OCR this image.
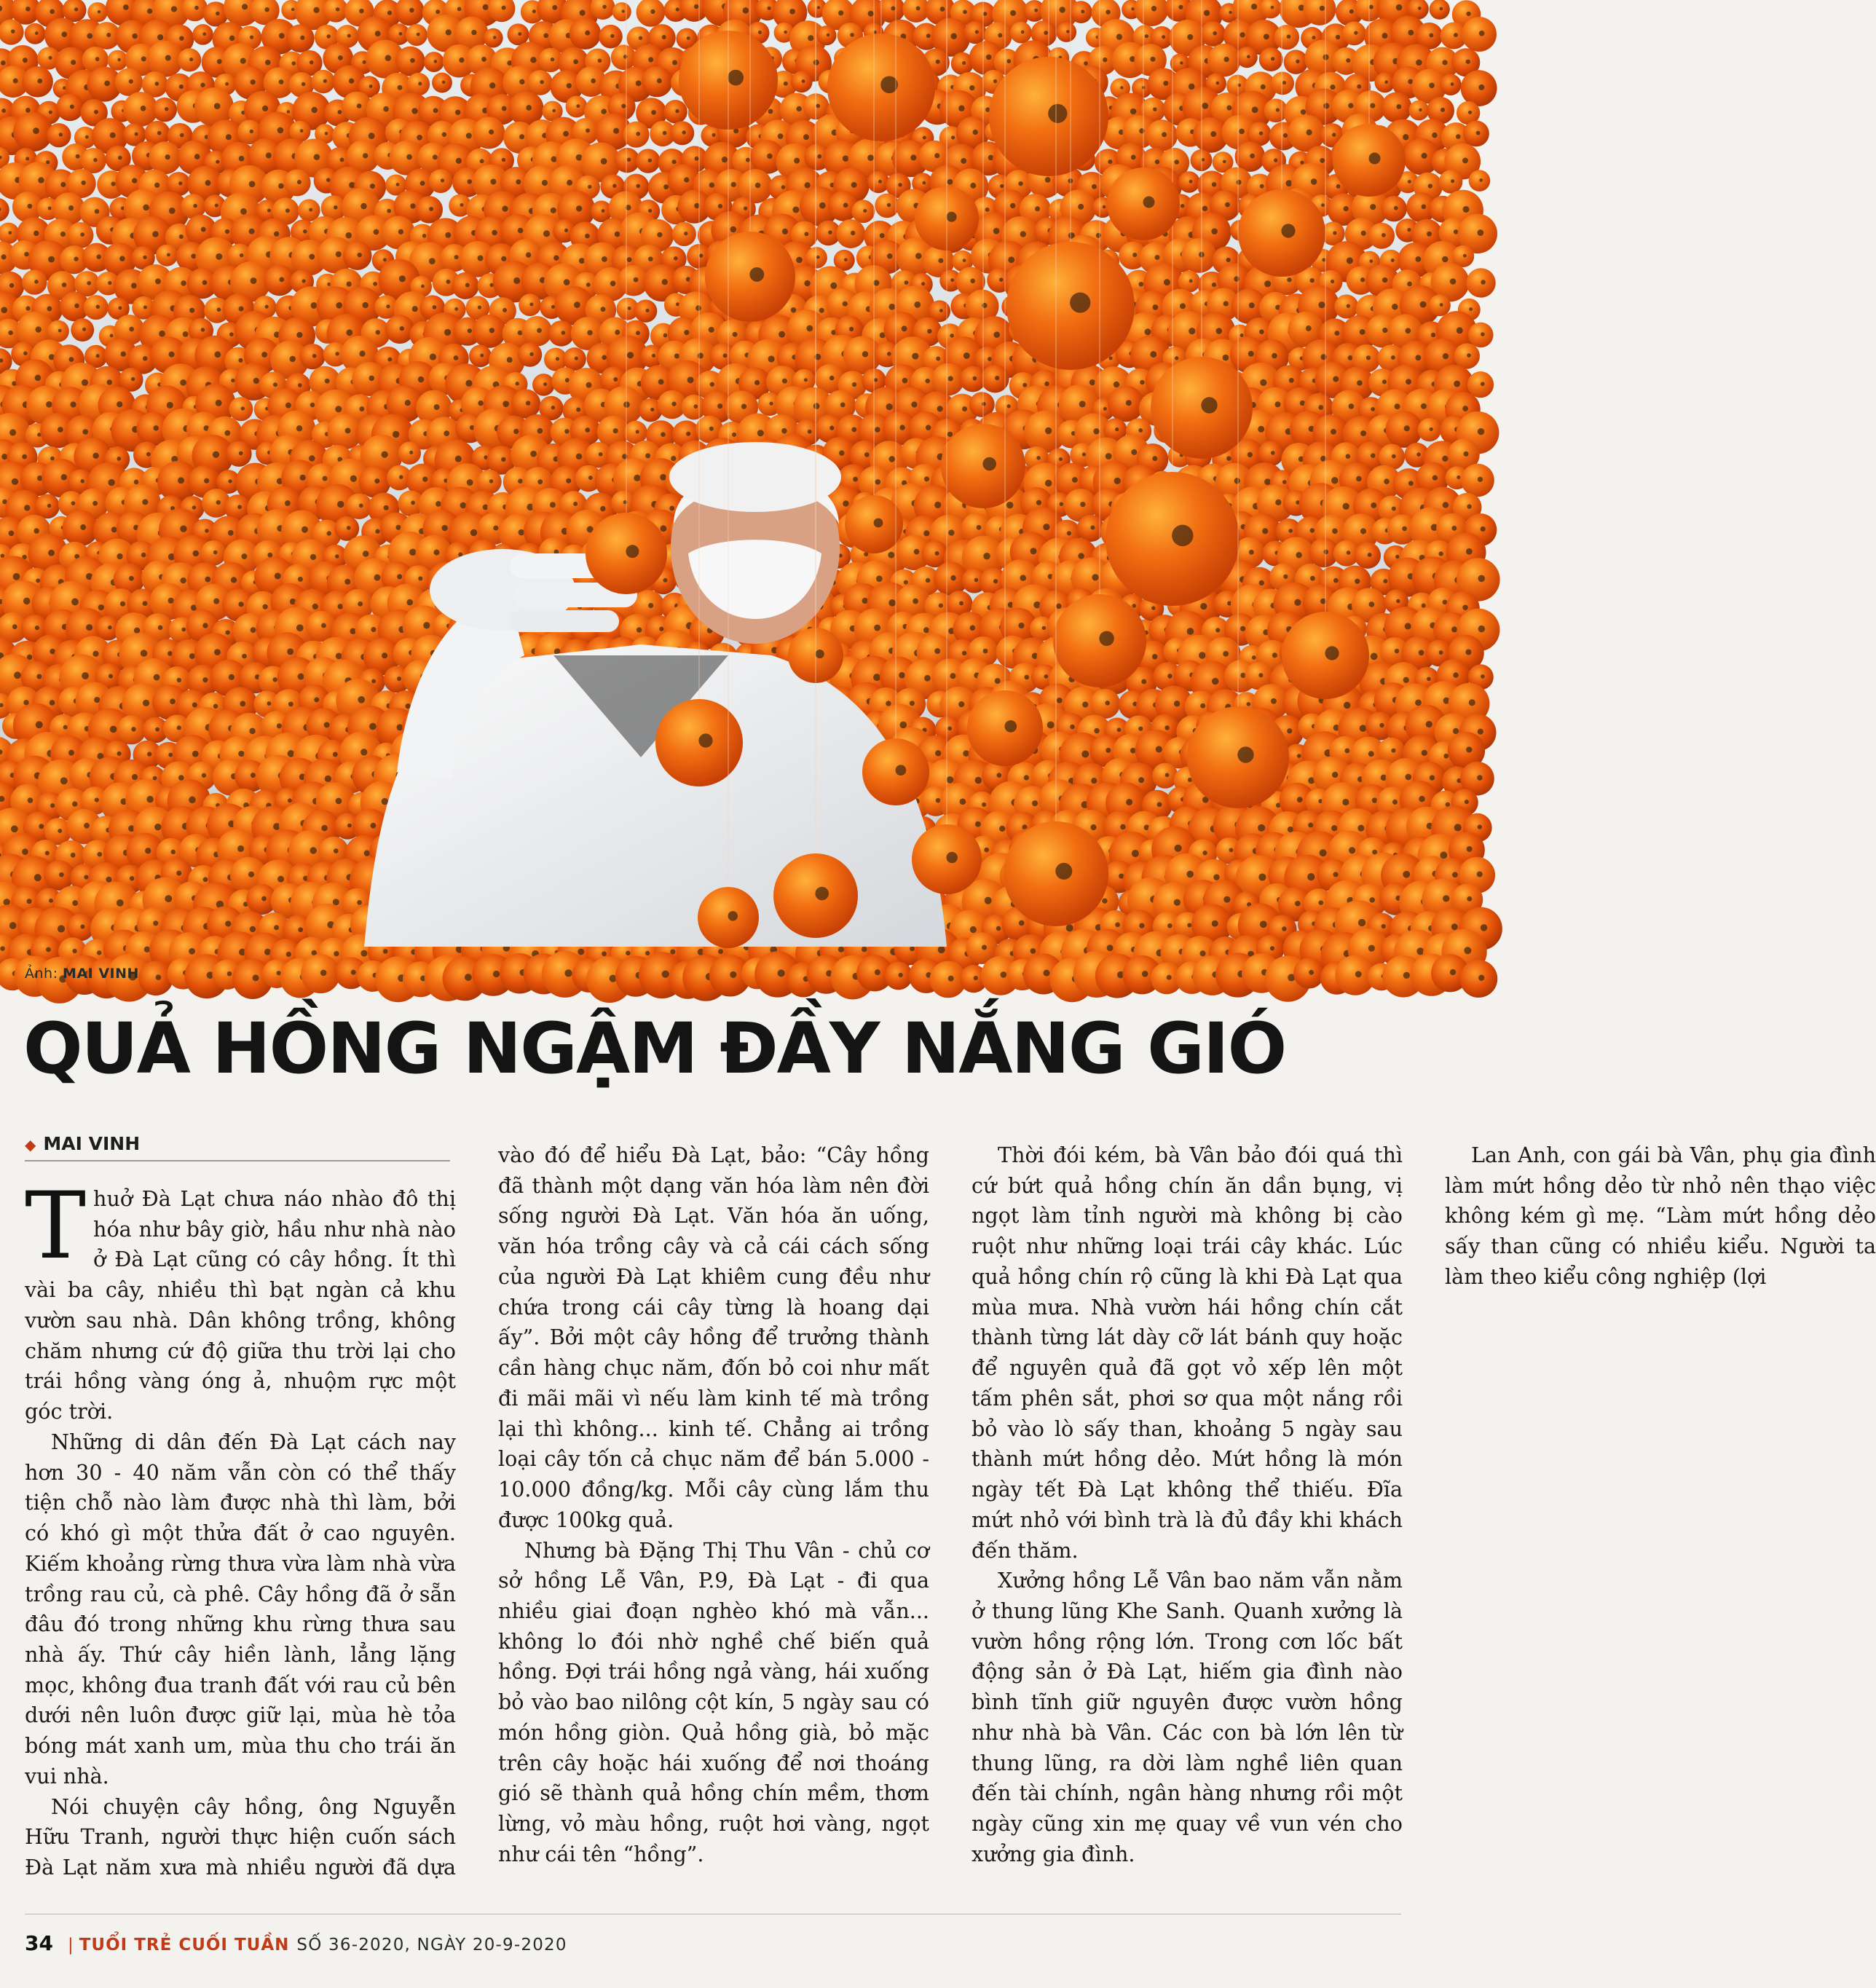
Ảnh: MAI VINH
QUẢ HỒNG NGẬM ĐẦY NẮNG GIÓ
◆ MAI VINH

Thuở Đà Lạt chưa náo nhào đô thị hóa như bây giờ, hầu như nhà nào ở Đà Lạt cũng có cây hồng. Ít thì vài ba cây, nhiều thì bạt ngàn cả khu vườn sau nhà. Dân không trồng, không chăm nhưng cứ độ giữa thu trời lại cho trái hồng vàng óng ả, nhuộm rực một góc trời.

Những di dân đến Đà Lạt cách nay hơn 30 - 40 năm vẫn còn có thể thấy tiện chỗ nào làm được nhà thì làm, bởi có khó gì một thửa đất ở cao nguyên. Kiếm khoảng rừng thưa vừa làm nhà vừa trồng rau củ, cà phê. Cây hồng đã ở sẵn đâu đó trong những khu rừng thưa sau nhà ấy. Thứ cây hiền lành, lẳng lặng mọc, không đua tranh đất với rau củ bên dưới nên luôn được giữ lại, mùa hè tỏa bóng mát xanh um, mùa thu cho trái ăn vui nhà.

Nói chuyện cây hồng, ông Nguyễn Hữu Tranh, người thực hiện cuốn sách Đà Lạt năm xưa mà nhiều người đã dựa vào đó để hiểu Đà Lạt, bảo: “Cây hồng đã thành một dạng văn hóa làm nên đời sống người Đà Lạt. Văn hóa ăn uống, văn hóa trồng cây và cả cái cách sống của người Đà Lạt khiêm cung đều như chứa trong cái cây từng là hoang dại ấy”. Bởi một cây hồng để trưởng thành cần hàng chục năm, đốn bỏ coi như mất đi mãi mãi vì nếu làm kinh tế mà trồng lại thì không... kinh tế. Chẳng ai trồng loại cây tốn cả chục năm để bán 5.000 - 10.000 đồng/kg. Mỗi cây cùng lắm thu được 100kg quả.

Nhưng bà Đặng Thị Thu Vân - chủ cơ sở hồng Lễ Vân, P.9, Đà Lạt - đi qua nhiều giai đoạn nghèo khó mà vẫn... không lo đói nhờ nghề chế biến quả hồng. Đợi trái hồng ngả vàng, hái xuống bỏ vào bao nilông cột kín, 5 ngày sau có món hồng giòn. Quả hồng già, bỏ mặc trên cây hoặc hái xuống để nơi thoáng gió sẽ thành quả hồng chín mềm, thơm lừng, vỏ màu hồng, ruột hơi vàng, ngọt như cái tên “hồng”.

Thời đói kém, bà Vân bảo đói quá thì cứ bứt quả hồng chín ăn dần bụng, vị ngọt làm tỉnh người mà không bị cào ruột như những loại trái cây khác. Lúc quả hồng chín rộ cũng là khi Đà Lạt qua mùa mưa. Nhà vườn hái hồng chín cắt thành từng lát dày cỡ lát bánh quy hoặc để nguyên quả đã gọt vỏ xếp lên một tấm phên sắt, phơi sơ qua một nắng rồi bỏ vào lò sấy than, khoảng 5 ngày sau thành mứt hồng dẻo. Mứt hồng là món ngày tết Đà Lạt không thể thiếu. Đĩa mứt nhỏ với bình trà là đủ đầy khi khách đến thăm.

Xưởng hồng Lễ Vân bao năm vẫn nằm ở thung lũng Khe Sanh. Quanh xưởng là vườn hồng rộng lớn. Trong cơn lốc bất động sản ở Đà Lạt, hiếm gia đình nào bình tĩnh giữ nguyên được vườn hồng như nhà bà Vân. Các con bà lớn lên từ thung lũng, ra dời làm nghề liên quan đến tài chính, ngân hàng nhưng rồi một ngày cũng xin mẹ quay về vun vén cho xưởng gia đình.

Lan Anh, con gái bà Vân, phụ gia đình làm mứt hồng dẻo từ nhỏ nên thạo việc không kém gì mẹ. “Làm mứt hồng dẻo sấy than cũng có nhiều kiểu. Người ta làm theo kiểu công nghiệp (lợi

34 | TUỔI TRẺ CUỐI TUẦN SỐ 36-2020, NGÀY 20-9-2020
